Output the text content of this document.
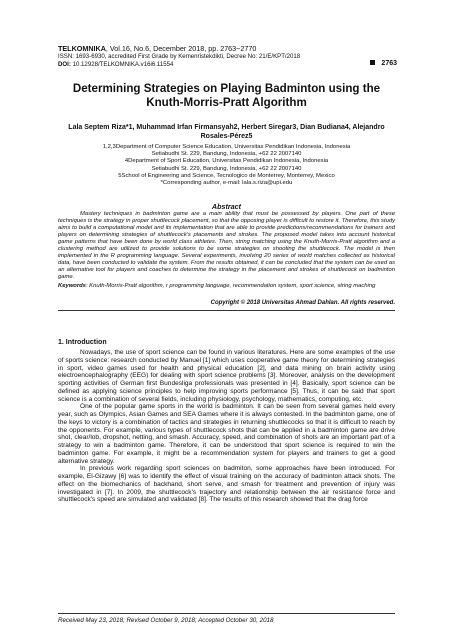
TELKOMNIKA, Vol.16, No.6, December 2018, pp. 2763~2770
ISSN: 1693-6930, accredited First Grade by Kemenristekdikti, Decree No: 21/E/KPT/2018
DOI: 10.12928/TELKOMNIKA.v16i6.11554	2763
Determining Strategies on Playing Badminton using the Knuth-Morris-Pratt Algorithm
Lala Septem Riza*1, Muhammad Irfan Firmansyah2, Herbert Siregar3, Dian Budiana4, Alejandro Rosales-Pérez5
1,2,3Department of Computer Science Education, Universitas Pendidikan Indonesia, Indonesia
Setiabudhi St. 229, Bandung, Indonesia, +62 22 2007140
4Department of Sport Education, Universitas Pendidikan Indonesia, Indonesia
Setiabudhi St. 229, Bandung, Indonesia, +62 22 2007140
5School of Engineering and Science, Tecnologico de Monterrey, Monterrey, Mexico
*Corresponding author, e-mail: lala.s.riza@upi.edu
Abstract
Mastery techniques in badminton game are a main ability that must be possessed by players. One part of these techniques is the strategy in proper shuttlecock placement, so that the opposing player is difficult to restore it. Therefore, this study aims to build a computational model and its implementation that are able to provide predictions/recommendations for trainers and players on determining strategies of shuttlecock's placements and strokes. The proposed model takes into account historical game patterns that have been done by world class athletes. Then, string matching using the Knuth-Morris-Pratt algorithm and a clustering method are utilized to provide solutions to be some strategies on shooting the shuttlecock. The model is then implemented in the R programming language. Several experiments, involving 20 series of world matches collected as historical data, have been conducted to validate the system. From the results obtained, it can be concluded that the system can be used as an alternative tool for players and coaches to determine the strategy in the placement and strokes of shuttlecock on badminton game.
Keywords: Knuth-Morris-Pratt algorithm, r programming language, recommendation system, sport science, string maching
Copyright © 2018 Universitas Ahmad Dahlan. All rights reserved.
1. Introduction

Nowadays, the use of sport science can be found in various literatures. Here are some examples of the use of sports science: research conducted by Manuel [1] which uses cooperative game theory for determining strategies in sport, video games used for health and physical education [2], and data mining on brain activity using electroencephalography (EEG) for dealing with sport science problems [3]. Moreover, analysis on the development sporting activities of German first Bundesliga professionals was presented in [4]. Basically, sport science can be defined as applying science principles to help improving sports performance [5]. Thus, it can be said that sport science is a combination of several fields, including physiology, psychology, mathematics, computing, etc.

One of the popular game sports in the world is badminton. It can be seen from several games held every year, such as Olympics, Asian Games and SEA Games where it is always contested. In the badminton game, one of the keys to victory is a combination of tactics and strategies in returning shuttlecocks so that it is difficult to reach by the opponents. For example, various types of shuttlecock shots that can be applied in a badminton game are drive shot, clear/lob, dropshot, netting, and smash. Accuracy, speed, and combination of shots are an important part of a strategy to win a badminton game. Therefore, it can be understood that sport science is required to win the badminton game. For example, it might be a recommendation system for players and trainers to get a good alternative strategy.

In previous work regarding sport sciences on badmiton, some approaches have been introduced. For example, El-Gizawy [6] was to identify the effect of visual training on the accuracy of badminton attack shots. The effect on the biomechanics of backhand, short serve, and smash for treatment and prevention of injury was investigated in [7]. In 2009, the shuttlecock's trajectory and relationship between the air resistance force and shuttlecock's speed are simulated and validated [8]. The results of this research showed that the drag force

Received May 23, 2018; Revised October 9, 2018; Accepted October 30, 2018
